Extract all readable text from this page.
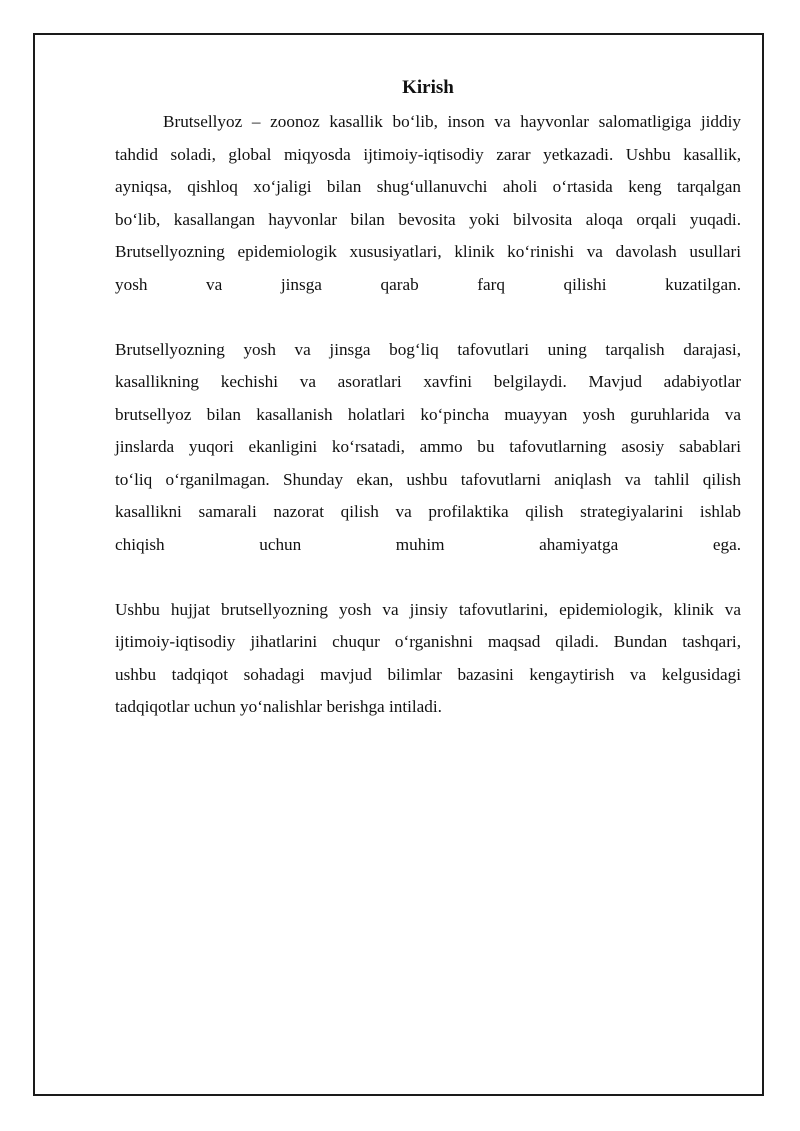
Kirish

Brutsellyoz – zoonoz kasallik bo‘lib, inson va hayvonlar salomatligiga jiddiy
tahdid soladi, global miqyosda ijtimoiy-iqtisodiy zarar yetkazadi. Ushbu kasallik,
ayniqsa, qishloq xo‘jaligi bilan shug‘ullanuvchi aholi o‘rtasida keng tarqalgan
bo‘lib, kasallangan hayvonlar bilan bevosita yoki bilvosita aloqa orqali yuqadi.
Brutsellyozning epidemiologik xususiyatlari, klinik ko‘rinishi va davolash usullari
yosh va jinsga qarab farq qilishi kuzatilgan.

Brutsellyozning yosh va jinsga bog‘liq tafovutlari uning tarqalish darajasi,
kasallikning kechishi va asoratlari xavfini belgilaydi. Mavjud adabiyotlar
brutsellyoz bilan kasallanish holatlari ko‘pincha muayyan yosh guruhlarida va
jinslarda yuqori ekanligini ko‘rsatadi, ammo bu tafovutlarning asosiy sabablari
to‘liq o‘rganilmagan. Shunday ekan, ushbu tafovutlarni aniqlash va tahlil qilish
kasallikni samarali nazorat qilish va profilaktika qilish strategiyalarini ishlab
chiqish uchun muhim ahamiyatga ega.

Ushbu hujjat brutsellyozning yosh va jinsiy tafovutlarini, epidemiologik, klinik va
ijtimoiy-iqtisodiy jihatlarini chuqur o‘rganishni maqsad qiladi. Bundan tashqari,
ushbu tadqiqot sohadagi mavjud bilimlar bazasini kengaytirish va kelgusidagi
tadqiqotlar uchun yo‘nalishlar berishga intiladi.
